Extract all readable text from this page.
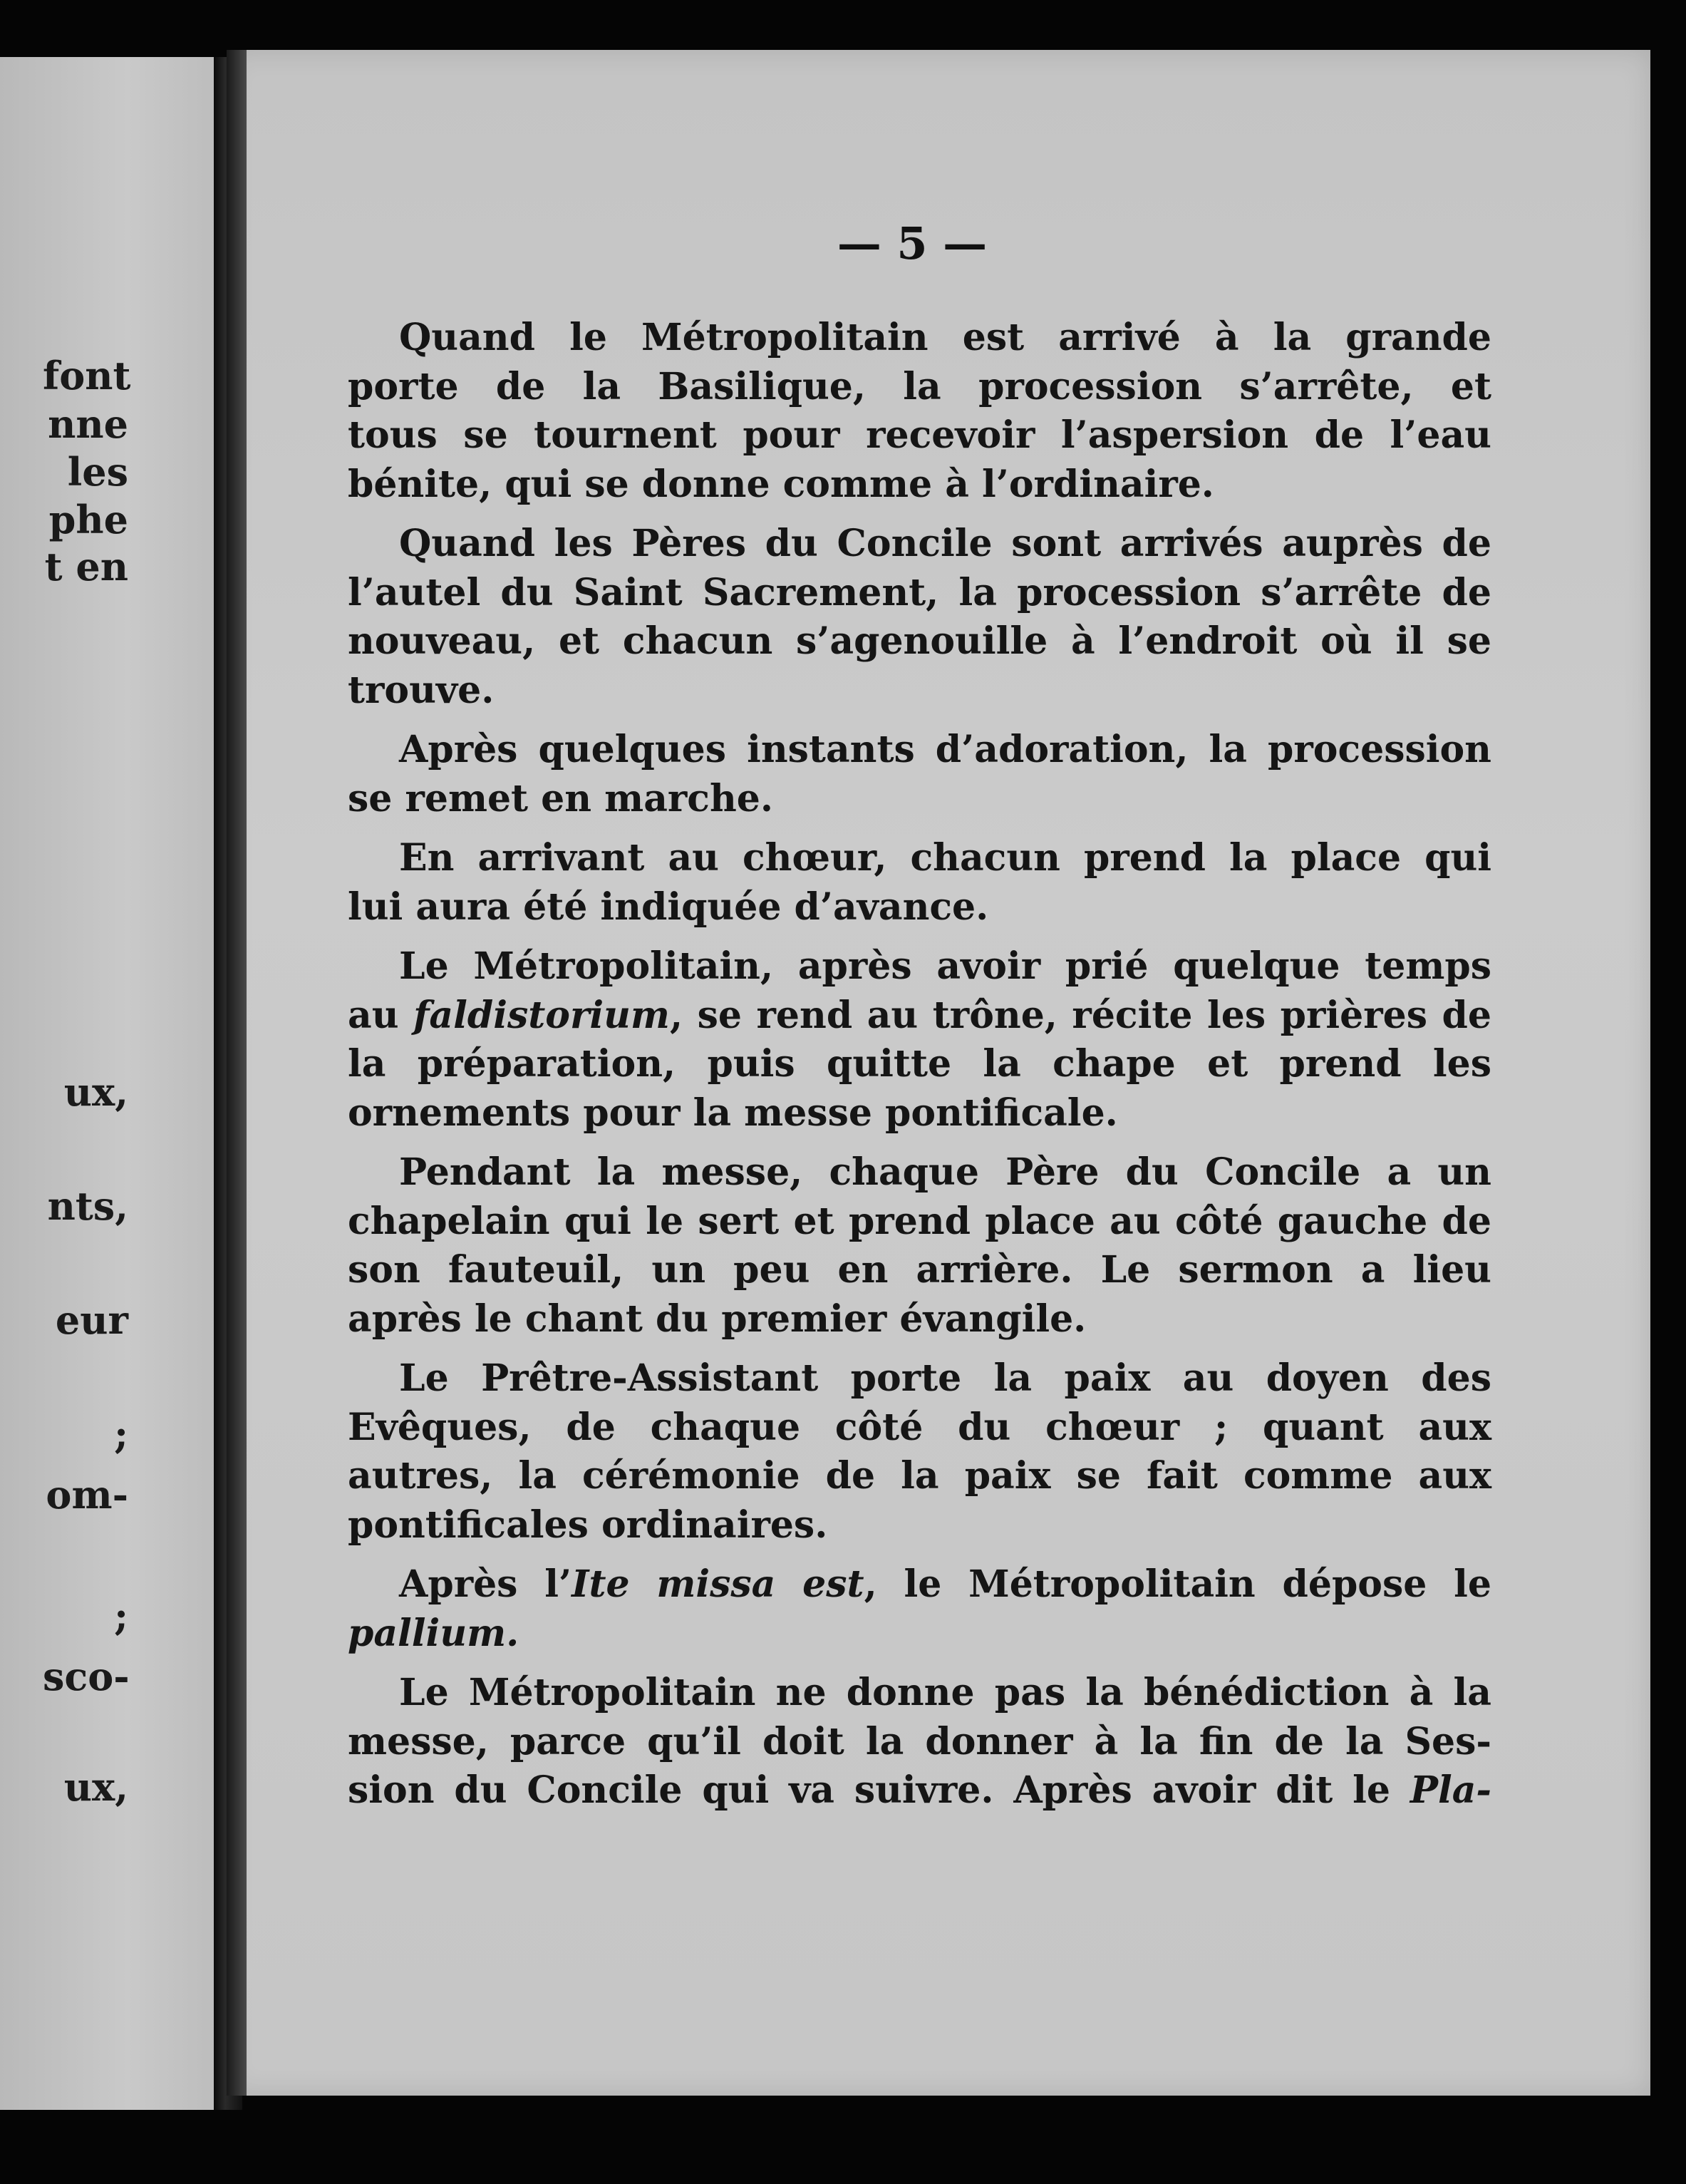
font
nne
les
phe
t en
ux,
nts,
eur
;
om-
;
sco-
ux,
— 5 —

Quand le Métropolitain est arrivé à la grande
porte de la Basilique, la procession s’arrête, et
tous se tournent pour recevoir l’aspersion de l’eau
bénite, qui se donne comme à l’ordinaire.

Quand les Pères du Concile sont arrivés auprès de
l’autel du Saint Sacrement, la procession s’arrête de
nouveau, et chacun s’agenouille à l’endroit où il se
trouve.

Après quelques instants d’adoration, la procession
se remet en marche.

En arrivant au chœur, chacun prend la place qui
lui aura été indiquée d’avance.

Le Métropolitain, après avoir prié quelque temps
au faldistorium, se rend au trône, récite les prières de
la préparation, puis quitte la chape et prend les
ornements pour la messe pontificale.

Pendant la messe, chaque Père du Concile a un
chapelain qui le sert et prend place au côté gauche de
son fauteuil, un peu en arrière. Le sermon a lieu
après le chant du premier évangile.

Le Prêtre-Assistant porte la paix au doyen des
Evêques, de chaque côté du chœur ; quant aux
autres, la cérémonie de la paix se fait comme aux
pontificales ordinaires.

Après l’Ite missa est, le Métropolitain dépose le
pallium.

Le Métropolitain ne donne pas la bénédiction à la
messe, parce qu’il doit la donner à la fin de la Ses-
sion du Concile qui va suivre. Après avoir dit le Pla-
